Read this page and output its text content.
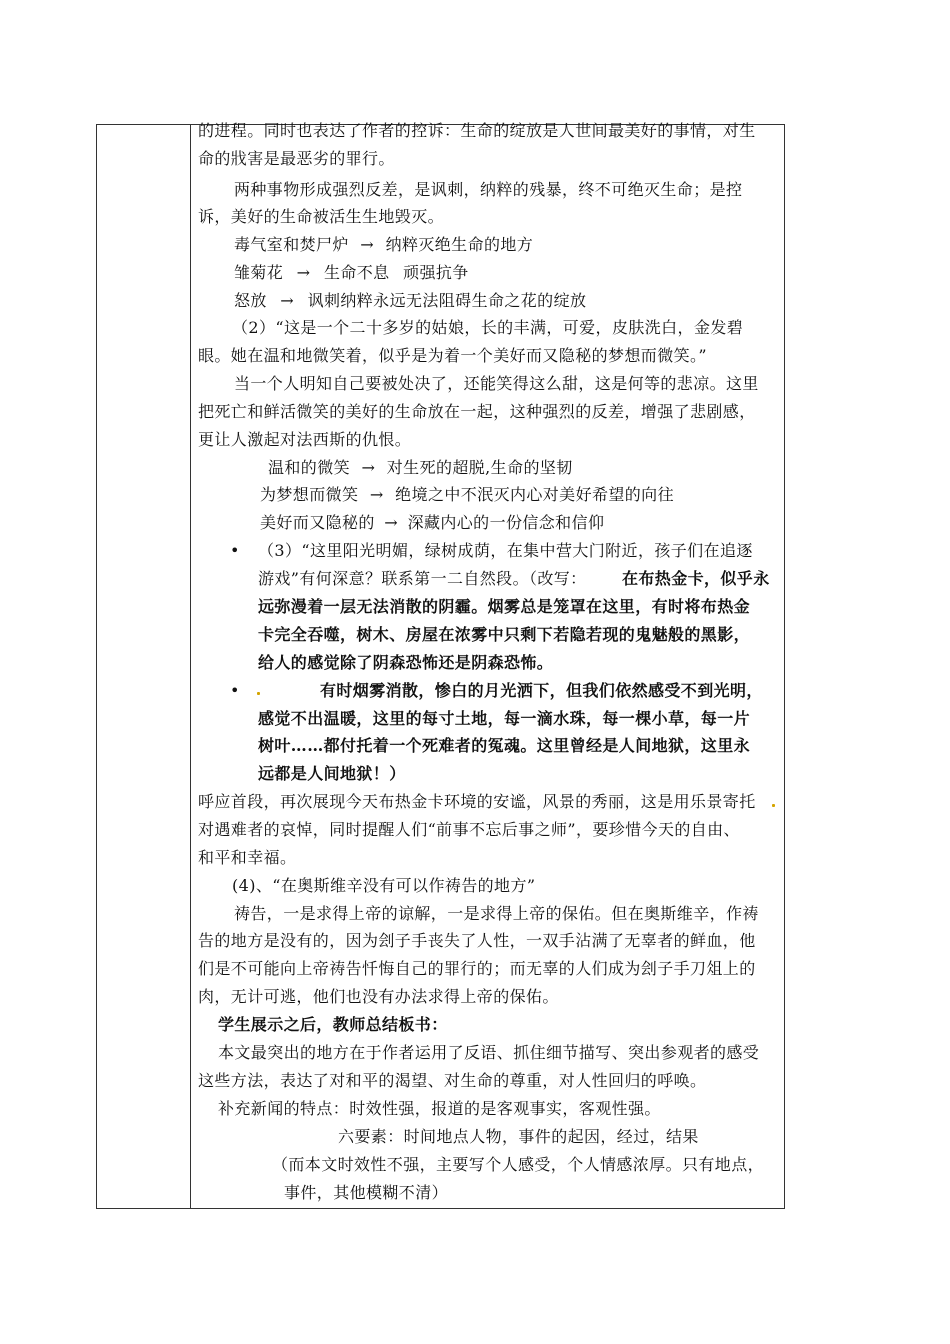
的进程。同时也表达了作者的控诉：生命的绽放是人世间最美好的事情，对生
命的戕害是最恶劣的罪行。
两种事物形成强烈反差，是讽刺，纳粹的残暴，终不可绝灭生命；是控
诉，美好的生命被活生生地毁灭。
毒气室和焚尸炉 → 纳粹灭绝生命的地方
雏菊花 → 生命不息 顽强抗争
怒放 → 讽刺纳粹永远无法阻碍生命之花的绽放
（2）“这是一个二十多岁的姑娘，长的丰满，可爱，皮肤洗白，金发碧
眼。她在温和地微笑着，似乎是为着一个美好而又隐秘的梦想而微笑。”
当一个人明知自己要被处决了，还能笑得这么甜，这是何等的悲凉。这里
把死亡和鲜活微笑的美好的生命放在一起，这种强烈的反差，增强了悲剧感，
更让人激起对法西斯的仇恨。
温和的微笑 → 对生死的超脱,生命的坚韧
为梦想而微笑 → 绝境之中不泯灭内心对美好希望的向往
美好而又隐秘的 → 深藏内心的一份信念和信仰
• （3）“这里阳光明媚，绿树成荫，在集中营大门附近，孩子们在追逐
游戏”有何深意？联系第一二自然段。（改写： 在布热金卡，似乎永
远弥漫着一层无法消散的阴霾。烟雾总是笼罩在这里，有时将布热金
卡完全吞噬，树木、房屋在浓雾中只剩下若隐若现的鬼魅般的黑影，
给人的感觉除了阴森恐怖还是阴森恐怖。
•	有时烟雾消散，惨白的月光洒下，但我们依然感受不到光明，
感觉不出温暖，这里的每寸土地，每一滴水珠，每一棵小草，每一片
树叶……都付托着一个死难者的冤魂。这里曾经是人间地狱，这里永
远都是人间地狱！）
呼应首段，再次展现今天布热金卡环境的安谧，风景的秀丽，这是用乐景寄托
对遇难者的哀悼，同时提醒人们“前事不忘后事之师”，要珍惜今天的自由、
和平和幸福。
(4)、“在奥斯维辛没有可以作祷告的地方”
祷告，一是求得上帝的谅解，一是求得上帝的保佑。但在奥斯维辛，作祷
告的地方是没有的，因为刽子手丧失了人性，一双手沾满了无辜者的鲜血，他
们是不可能向上帝祷告忏悔自己的罪行的；而无辜的人们成为刽子手刀俎上的
肉，无计可逃，他们也没有办法求得上帝的保佑。
学生展示之后，教师总结板书：
本文最突出的地方在于作者运用了反语、抓住细节描写、突出参观者的感受
这些方法，表达了对和平的渴望、对生命的尊重，对人性回归的呼唤。
补充新闻的特点：时效性强，报道的是客观事实，客观性强。
六要素：时间地点人物，事件的起因，经过，结果
（而本文时效性不强，主要写个人感受，个人情感浓厚。只有地点，
事件，其他模糊不清）
